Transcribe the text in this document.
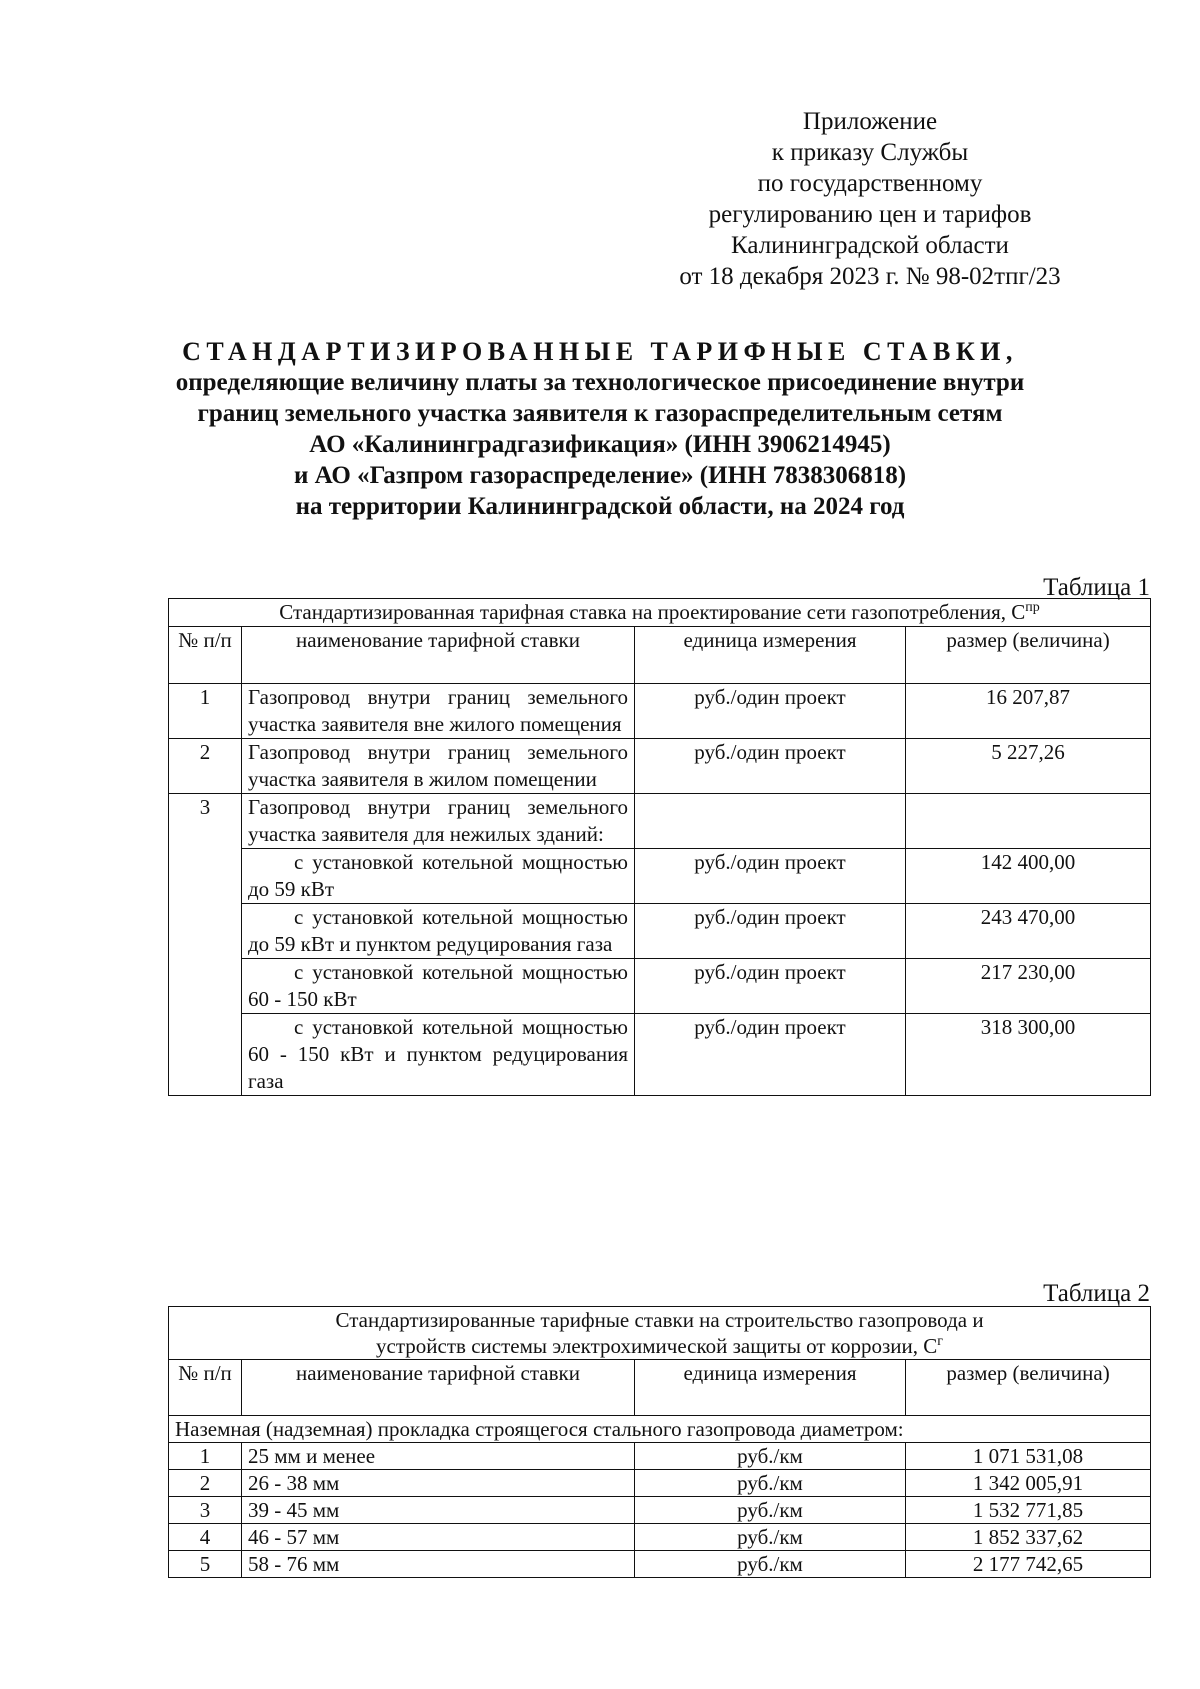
Приложение
к приказу Службы
по государственному
регулированию цен и тарифов
Калининградской области
от 18 декабря 2023 г. № 98-02тпг/23
СТАНДАРТИЗИРОВАННЫЕ ТАРИФНЫЕ СТАВКИ,
определяющие величину платы за технологическое присоединение внутри
границ земельного участка заявителя к газораспределительным сетям
АО «Калининградгазификация» (ИНН 3906214945)
и АО «Газпром газораспределение» (ИНН 7838306818)
на территории Калининградской области, на 2024 год
Таблица 1
Стандартизированная тарифная ставка на проектирование сети газопотребления, $С^{пр}$
№ п/п	наименование тарифной ставки	единица измерения	размер (величина)
1	Газопровод внутри границ земельного участка заявителя вне жилого помещения	руб./один проект	16 207,87
2	Газопровод внутри границ земельного участка заявителя в жилом помещении	руб./один проект	5 227,26
3	Газопровод внутри границ земельного участка заявителя для нежилых зданий:		
	с установкой котельной мощностью до 59 кВт	руб./один проект	142 400,00
	с установкой котельной мощностью до 59 кВт и пунктом редуцирования газа	руб./один проект	243 470,00
	с установкой котельной мощностью 60 - 150 кВт	руб./один проект	217 230,00
	с установкой котельной мощностью 60 - 150 кВт и пунктом редуцирования газа	руб./один проект	318 300,00
Таблица 2
Стандартизированные тарифные ставки на строительство газопровода и
устройств системы электрохимической защиты от коррозии, $С^г$

№ п/п	наименование тарифной ставки	единица измерения	размер (величина)
Наземная (надземная) прокладка строящегося стального газопровода диаметром:			
1	25 мм и менее	руб./км	1 071 531,08
2	26 - 38 мм	руб./км	1 342 005,91
3	39 - 45 мм	руб./км	1 532 771,85
4	46 - 57 мм	руб./км	1 852 337,62
5	58 - 76 мм	руб./км	2 177 742,65
